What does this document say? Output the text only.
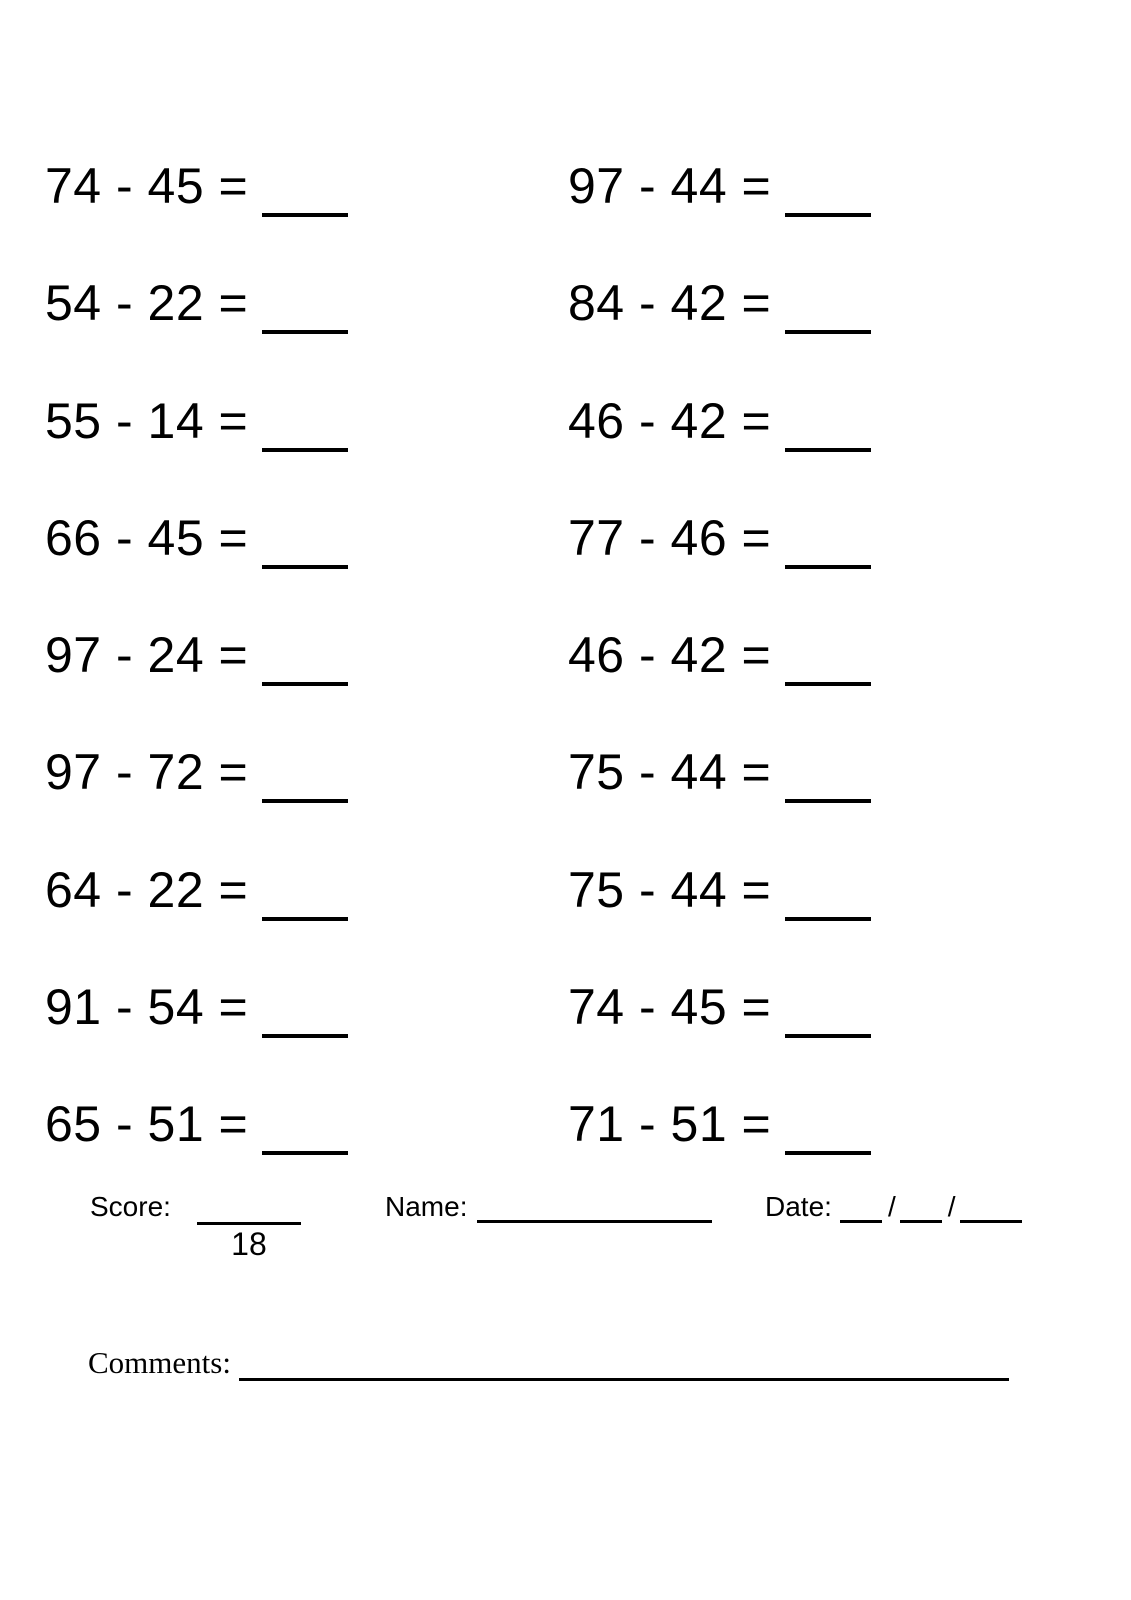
74 - 45 =
54 - 22 =
55 - 14 =
66 - 45 =
97 - 24 =
97 - 72 =
64 - 22 =
91 - 54 =
65 - 51 =
97 - 44 =
84 - 42 =
46 - 42 =
77 - 46 =
46 - 42 =
75 - 44 =
75 - 44 =
74 - 45 =
71 - 51 =
Score:
18
Name:	Date: / /
Comments:
